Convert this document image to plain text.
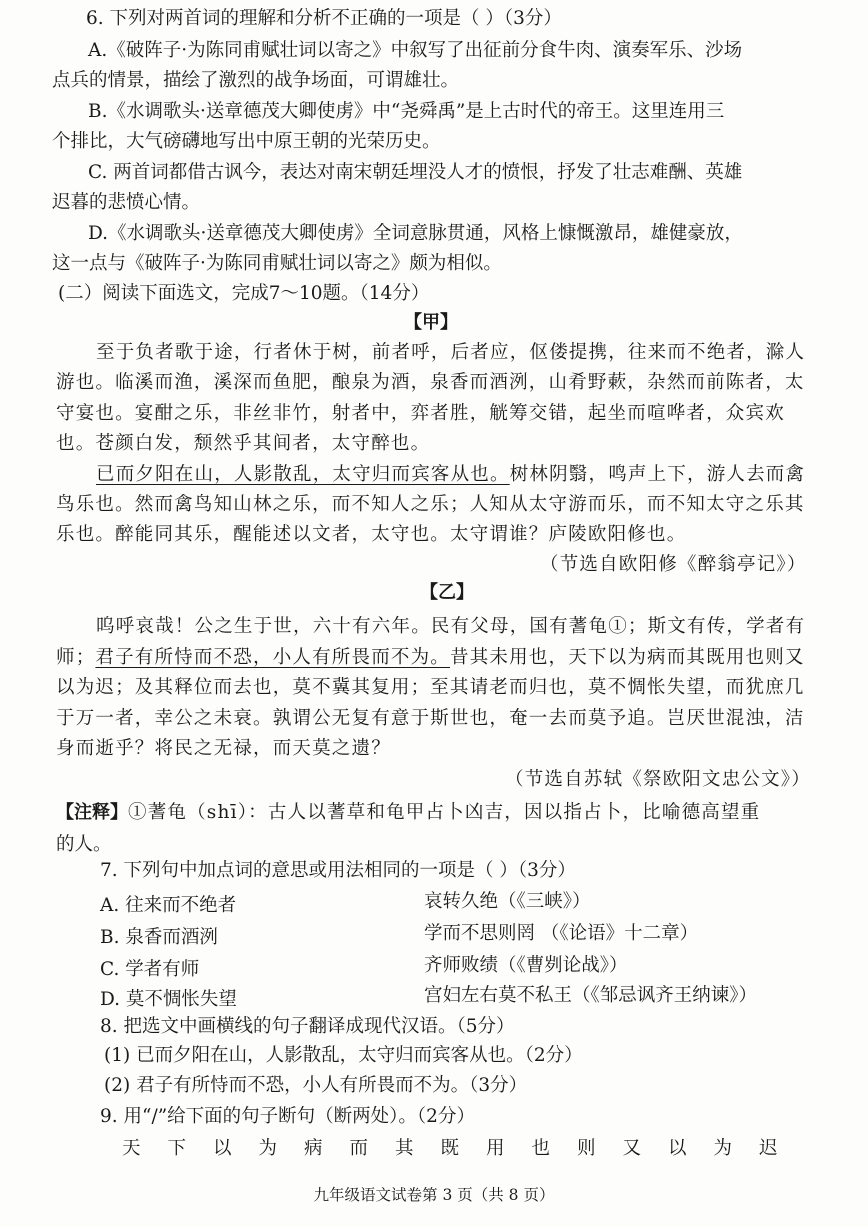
6. 下列对两首词的理解和分析不正确的一项是（ ）（3分）
A.《破阵子·为陈同甫赋壮词以寄之》中叙写了出征前分食牛肉、演奏军乐、沙场
点兵的情景，描绘了激烈的战争场面，可谓雄壮。
B.《水调歌头·送章德茂大卿使虏》中“尧舜禹”是上古时代的帝王。这里连用三
个排比，大气磅礴地写出中原王朝的光荣历史。
C. 两首词都借古讽今，表达对南宋朝廷埋没人才的愤恨，抒发了壮志难酬、英雄
迟暮的悲愤心情。
D.《水调歌头·送章德茂大卿使虏》全词意脉贯通，风格上慷慨激昂，雄健豪放，
这一点与《破阵子·为陈同甫赋壮词以寄之》颇为相似。
(二）阅读下面选文，完成7～10题。（14分）
【甲】
至于负者歌于途，行者休于树，前者呼，后者应，伛偻提携，往来而不绝者，滁人
游也。临溪而渔，溪深而鱼肥，酿泉为酒，泉香而酒洌，山肴野蔌，杂然而前陈者，太
守宴也。宴酣之乐，非丝非竹，射者中，弈者胜，觥筹交错，起坐而喧哗者，众宾欢
也。苍颜白发，颓然乎其间者，太守醉也。
已而夕阳在山，人影散乱，太守归而宾客从也。树林阴翳，鸣声上下，游人去而禽
鸟乐也。然而禽鸟知山林之乐，而不知人之乐；人知从太守游而乐，而不知太守之乐其
乐也。醉能同其乐，醒能述以文者，太守也。太守谓谁？庐陵欧阳修也。
（节选自欧阳修《醉翁亭记》）
【乙】
呜呼哀哉！公之生于世，六十有六年。民有父母，国有蓍龟①；斯文有传，学者有
师；君子有所恃而不恐，小人有所畏而不为。昔其未用也，天下以为病而其既用也则又
以为迟；及其释位而去也，莫不冀其复用；至其请老而归也，莫不惆怅失望，而犹庶几
于万一者，幸公之未衰。孰谓公无复有意于斯世也，奄一去而莫予追。岂厌世混浊，洁
身而逝乎？将民之无禄，而天莫之遗？
（节选自苏轼《祭欧阳文忠公文》）
【注释】①蓍龟（shī）：古人以蓍草和龟甲占卜凶吉，因以指占卜，比喻德高望重
的人。
7. 下列句中加点词的意思或用法相同的一项是（ ）（3分）
A. 往来而不绝者	哀转久绝（《三峡》）
B. 泉香而酒洌	学而不思则罔 （《论语》十二章）
C. 学者有师	齐师败绩（《曹刿论战》）
D. 莫不惆怅失望	宫妇左右莫不私王（《邹忌讽齐王纳谏》）
8. 把选文中画横线的句子翻译成现代汉语。（5分）
(1) 已而夕阳在山，人影散乱，太守归而宾客从也。（2分）
(2) 君子有所恃而不恐，小人有所畏而不为。（3分）
9. 用“/”给下面的句子断句（断两处）。（2分）
天下以为病而其既用也则又以为迟
九年级语文试卷第 3 页（共 8 页）
